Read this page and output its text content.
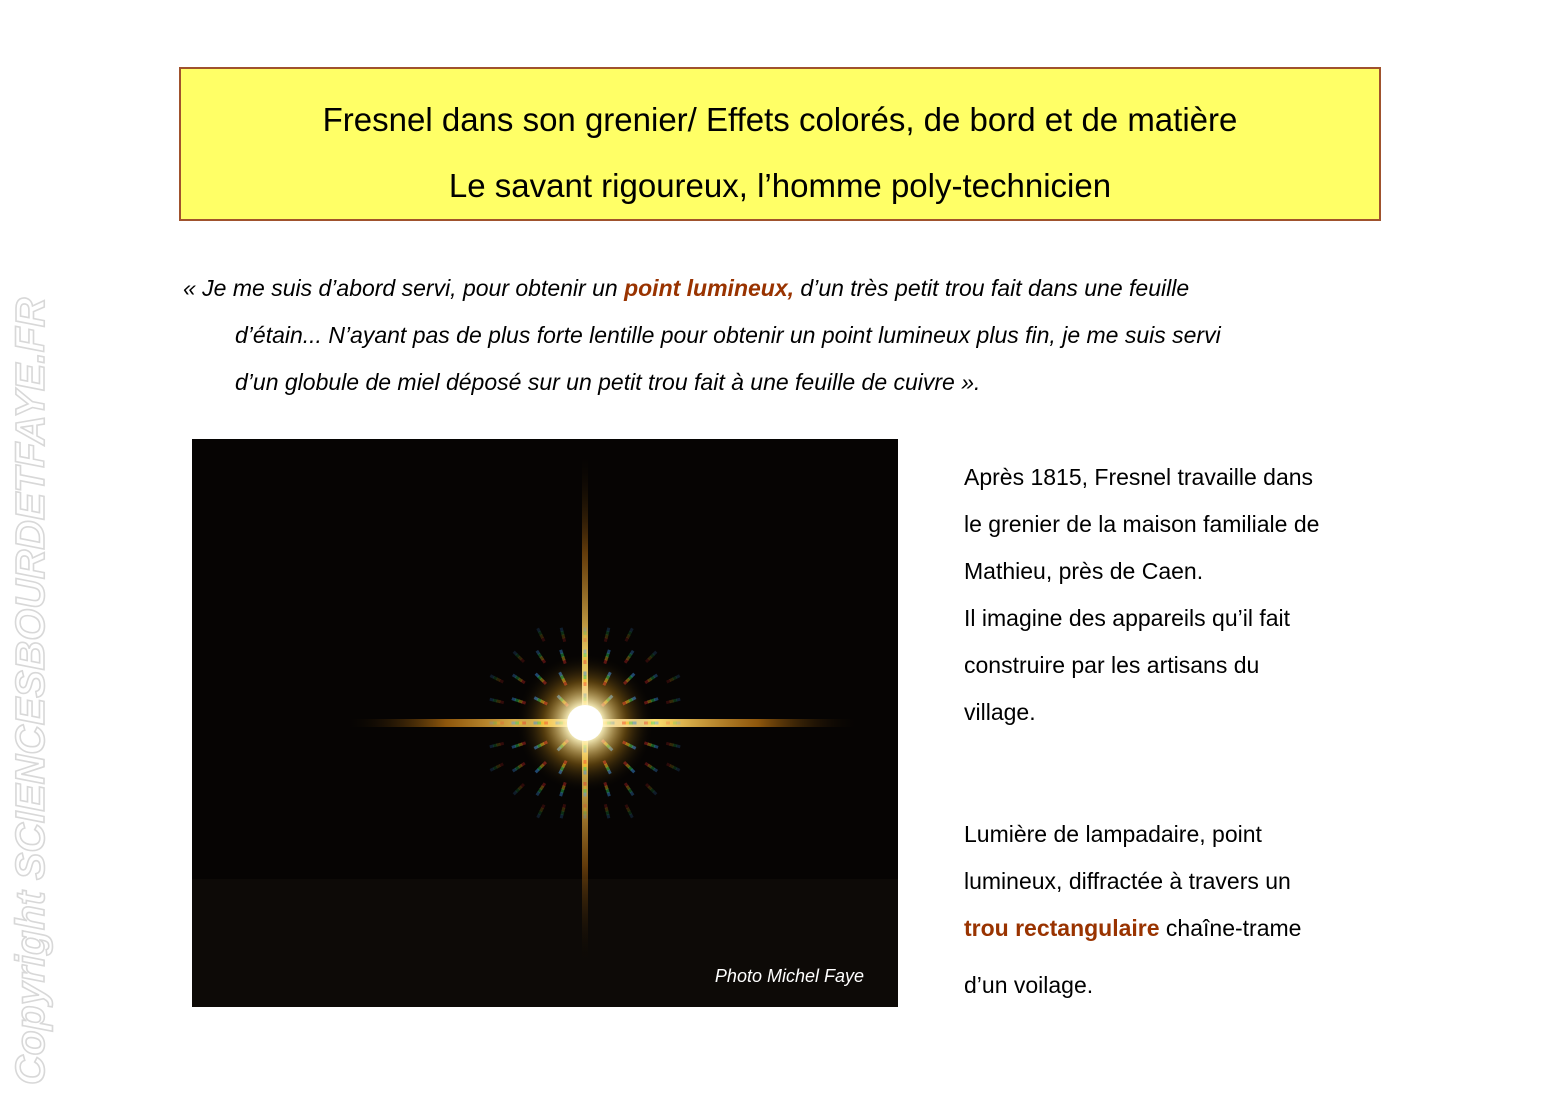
Copyright SCIENCESBOURDETFAYE.FR
Fresnel dans son grenier/ Effets colorés, de bord et de matière
Le savant rigoureux, l’homme poly-technicien
« Je me suis d’abord servi, pour obtenir un point lumineux, d’un très petit trou fait dans une feuille
d’étain... N’ayant pas de plus forte lentille pour obtenir un point lumineux plus fin, je me suis servi
d’un globule de miel déposé sur un petit trou fait à une feuille de cuivre ».
Photo Michel Faye

Après 1815, Fresnel travaille dans

le grenier de la maison familiale de

Mathieu, près de Caen.

Il imagine des appareils qu’il fait

construire par les artisans du

village.

Lumière de lampadaire, point

lumineux, diffractée à travers un

trou rectangulaire chaîne-trame

d’un voilage.
